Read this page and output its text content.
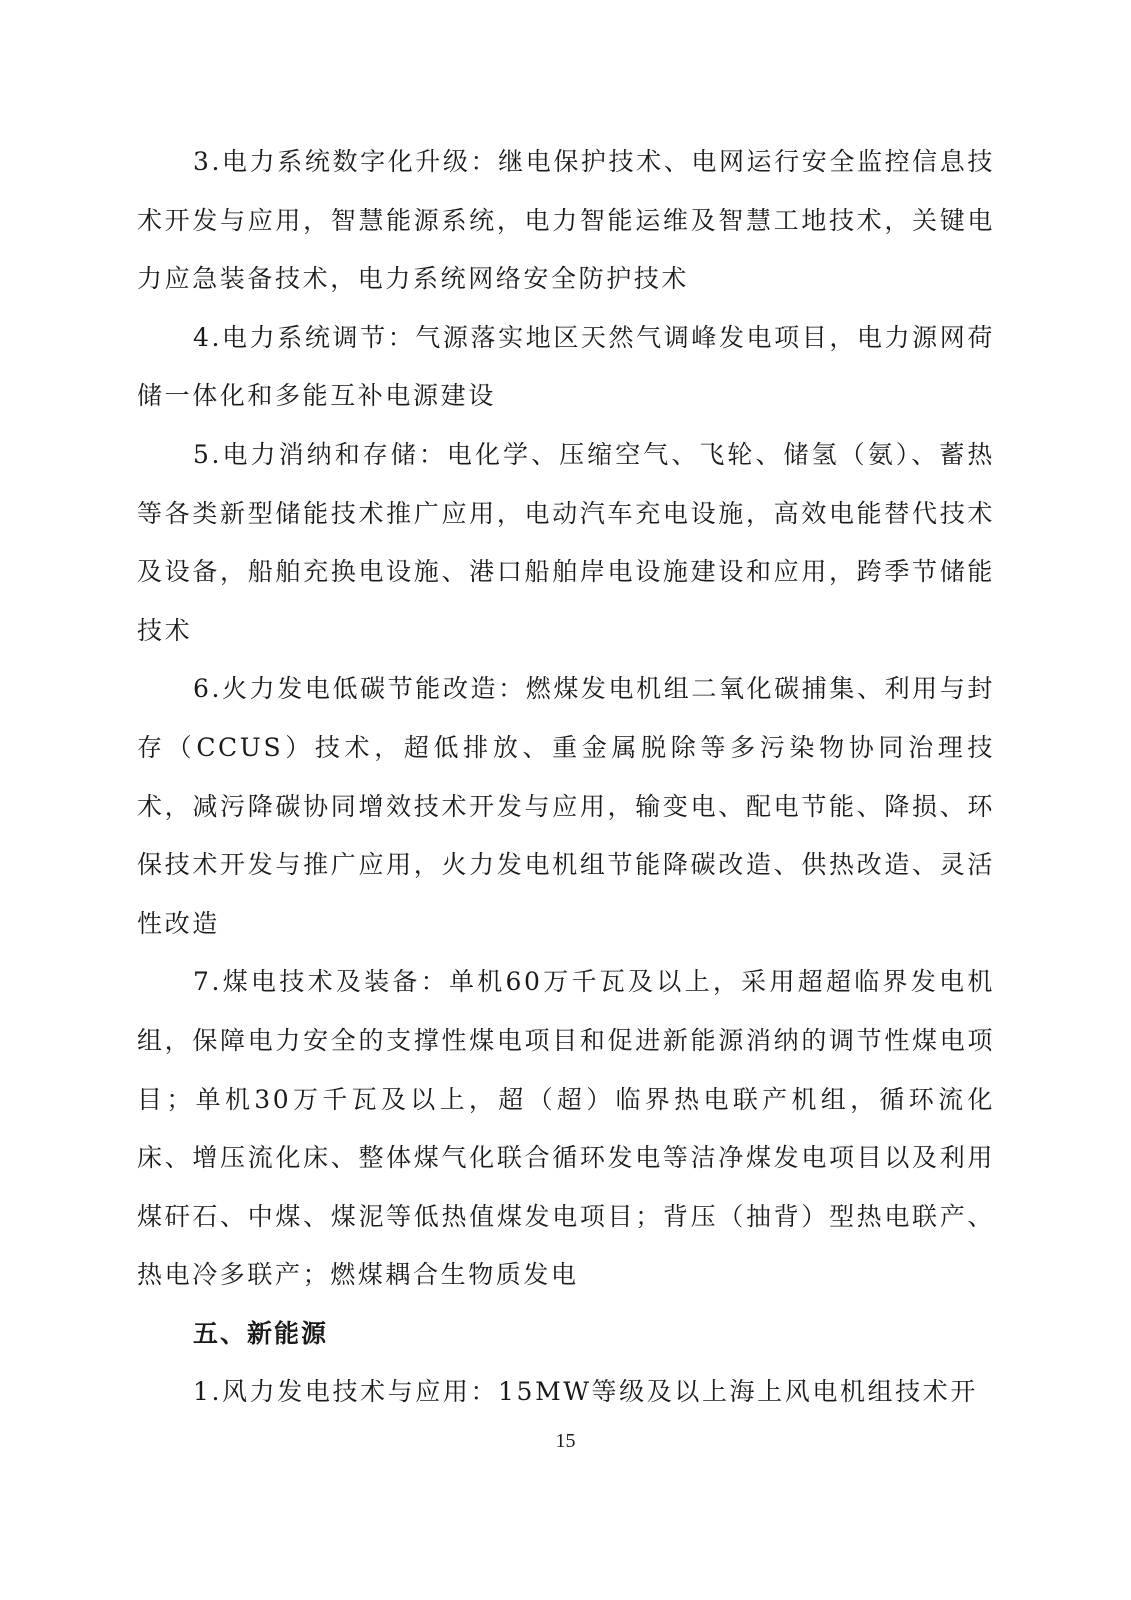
3.电力系统数字化升级：继电保护技术、电网运行安全监控信息技术开发与应用，智慧能源系统，电力智能运维及智慧工地技术，关键电力应急装备技术，电力系统网络安全防护技术

4.电力系统调节：气源落实地区天然气调峰发电项目，电力源网荷储一体化和多能互补电源建设

5.电力消纳和存储：电化学、压缩空气、飞轮、储氢（氨）、蓄热等各类新型储能技术推广应用，电动汽车充电设施，高效电能替代技术及设备，船舶充换电设施、港口船舶岸电设施建设和应用，跨季节储能技术

6.火力发电低碳节能改造：燃煤发电机组二氧化碳捕集、利用与封存（CCUS）技术，超低排放、重金属脱除等多污染物协同治理技术，减污降碳协同增效技术开发与应用，输变电、配电节能、降损、环保技术开发与推广应用，火力发电机组节能降碳改造、供热改造、灵活性改造

7.煤电技术及装备：单机60万千瓦及以上，采用超超临界发电机组，保障电力安全的支撑性煤电项目和促进新能源消纳的调节性煤电项目；单机30万千瓦及以上，超（超）临界热电联产机组，循环流化床、增压流化床、整体煤气化联合循环发电等洁净煤发电项目以及利用煤矸石、中煤、煤泥等低热值煤发电项目；背压（抽背）型热电联产、热电冷多联产；燃煤耦合生物质发电

五、新能源

1.风力发电技术与应用：15MW等级及以上海上风电机组技术开

15
